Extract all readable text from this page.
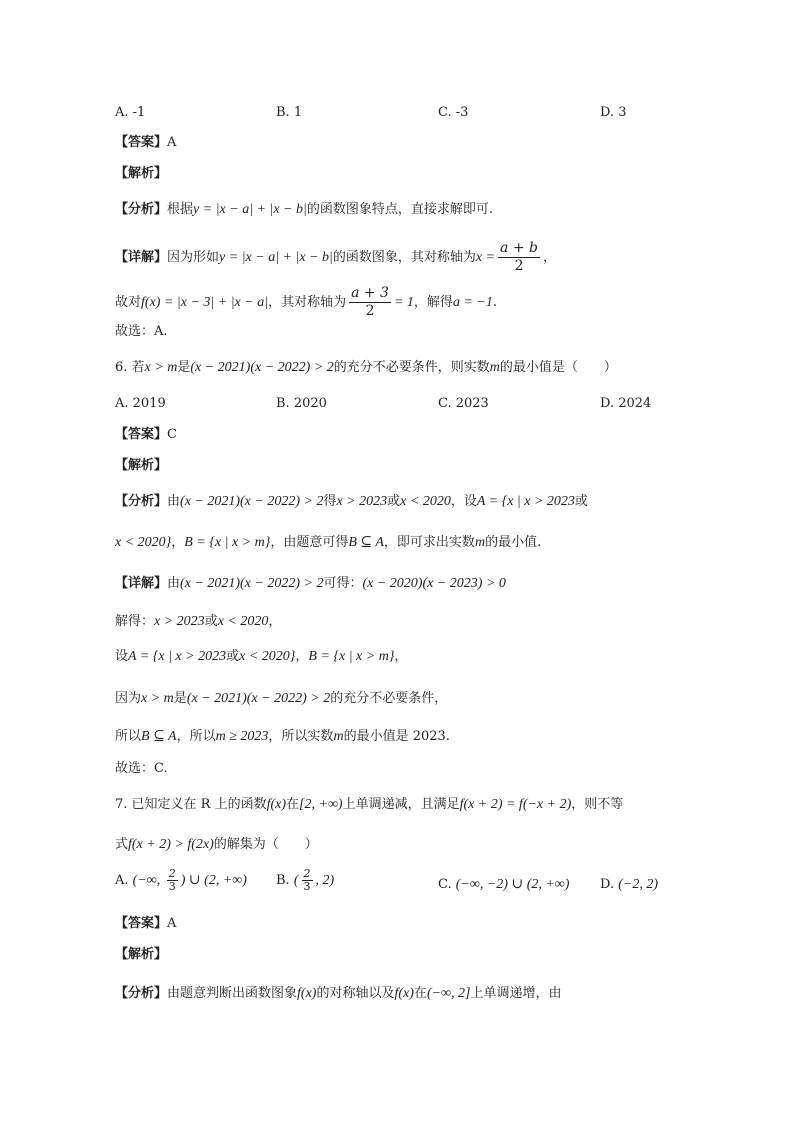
A. -1	B. 1	C. -3	D. 3
【答案】A
【解析】
【分析】根据y = |x − a| + |x − b|的函数图象特点，直接求解即可.
【详解】因为形如y = |x − a| + |x − b|的函数图象，其对称轴为$x = \frac{a + b}{2}$ ，
故对f(x) = |x − 3| + |x − a|，其对称轴为 $\frac{a + 3}{2} = 1$，解得a = −1.
故选：A.
6. 若x > m是(x − 2021)(x − 2022) > 2的充分不必要条件，则实数m的最小值是（　　）
A. 2019	B. 2020	C. 2023	D. 2024
【答案】C
【解析】
【分析】由(x − 2021)(x − 2022) > 2得x > 2023或x < 2020，设A = {x | x > 2023或
x < 2020}，B = {x | x > m}，由题意可得B ⊆ A，即可求出实数m的最小值.
【详解】由(x − 2021)(x − 2022) > 2可得：(x − 2020)(x − 2023) > 0
解得：x > 2023或x < 2020，
设A = {x | x > 2023或x < 2020}，B = {x | x > m}，
因为x > m是(x − 2021)(x − 2022) > 2的充分不必要条件，
所以B ⊆ A，所以m ≥ 2023，所以实数m的最小值是 2023.
故选：C.
7. 已知定义在 R 上的函数f(x)在[2, +∞)上单调递减，且满足f(x + 2) = f(−x + 2)，则不等
式f(x + 2) > f(2x)的解集为（　　）
A. (−∞, $\frac{2}{3}$ ) ∪ (2, +∞) B. ( $\frac{2}{3}$ , 2)	C. (−∞, −2) ∪ (2, +∞) D. (−2, 2)
【答案】A
【解析】
【分析】由题意判断出函数图象f(x)的对称轴以及f(x)在(−∞, 2]上单调递增，由
